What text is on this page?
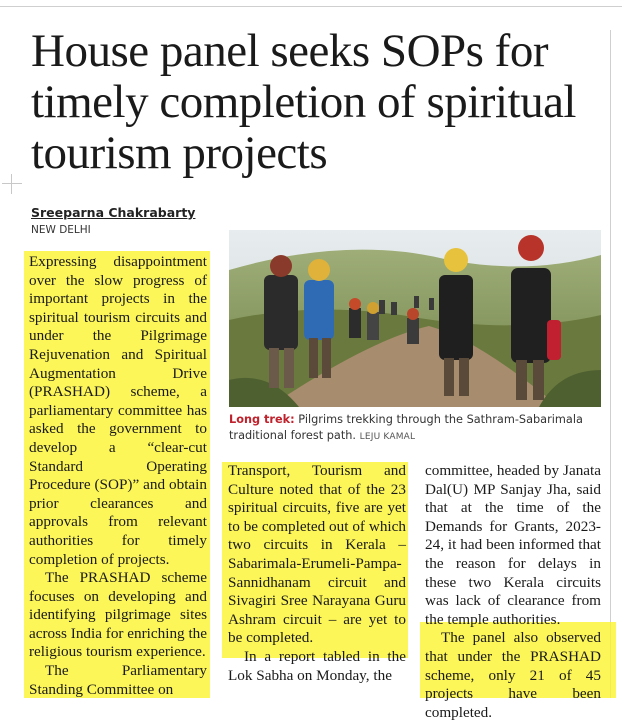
House panel seeks SOPs for timely completion of spiritual tourism projects
Sreeparna Chakrabarty
NEW DELHI

Expressing disappointment over the slow progress of important projects in the spiritual tourism circuits and under the Pilgrimage Rejuvenation and Spiritual Augmentation Drive (PRASHAD) scheme, a parliamentary committee has asked the government to develop a “clear-cut Standard Operating Procedure (SOP)” and obtain prior clearances and approvals from relevant authorities for timely completion of projects.

The PRASHAD scheme focuses on developing and identifying pilgrimage sites across India for enriching the religious tourism experience.

The Parliamentary Standing Committee on

Long trek: Pilgrims trekking through the Sathram-Sabarimala traditional forest path. LEJU KAMAL

Transport, Tourism and Culture noted that of the 23 spiritual circuits, five are yet to be completed out of which two circuits in Kerala – Sabarimala-Erumeli-Pampa-Sannidhanam circuit and Sivagiri Sree Narayana Guru Ashram circuit – are yet to be completed.

In a report tabled in the Lok Sabha on Monday, the

committee, headed by Janata Dal(U) MP Sanjay Jha, said that at the time of the Demands for Grants, 2023-24, it had been informed that the reason for delays in these two Kerala circuits was lack of clearance from the temple authorities.

The panel also observed that under the PRASHAD scheme, only 21 of 45 projects have been completed.
